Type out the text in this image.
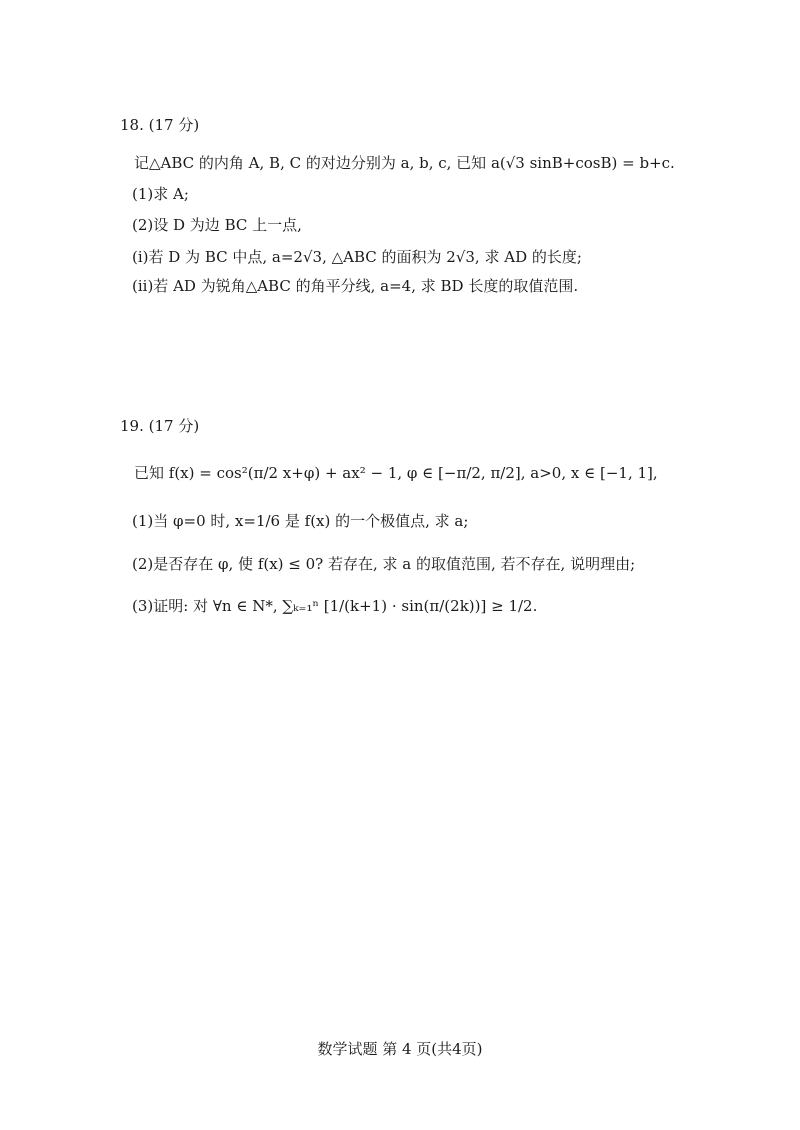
18. (17 分)
记△ABC 的内角 A, B, C 的对边分别为 a, b, c, 已知 a(√3 sinB+cosB) = b+c.
(1)求 A;
(2)设 D 为边 BC 上一点,
(i)若 D 为 BC 中点, a=2√3, △ABC 的面积为 2√3, 求 AD 的长度;
(ii)若 AD 为锐角△ABC 的角平分线, a=4, 求 BD 长度的取值范围.
19. (17 分)
已知 f(x) = cos²(π/2 x+φ) + ax² − 1, φ ∈ [−π/2, π/2], a>0, x ∈ [−1, 1],
(1)当 φ=0 时, x=1/6 是 f(x) 的一个极值点, 求 a;
(2)是否存在 φ, 使 f(x) ≤ 0? 若存在, 求 a 的取值范围, 若不存在, 说明理由;
(3)证明: 对 ∀n ∈ N*, ∑ₖ₌₁ⁿ [1/(k+1) · sin(π/(2k))] ≥ 1/2.
数学试题 第 4 页(共4页)
